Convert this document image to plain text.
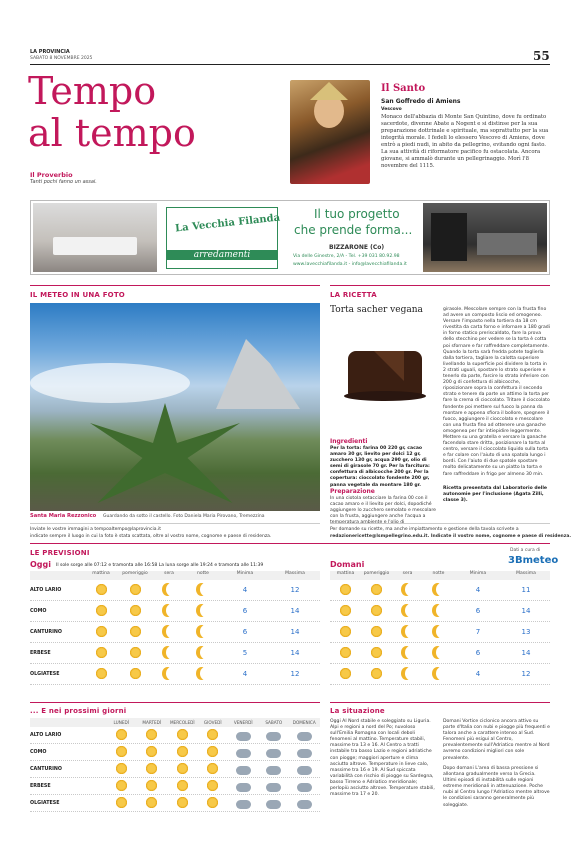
LA PROVINCIA
SABATO 8 NOVEMBRE 2025	55
Tempo
al tempo
Il Proverbio
Tanti pochi fanno un assai.
Il Santo
San Goffredo di Amiens
Vescovo
Monaco dell'abbazia di Monte San Quintino, dove fu ordinato sacerdote, divenne Abate a Nogent e si distinse per la sua preparazione dottrinale e spirituale, ma soprattutto per la sua integrità morale. I fedeli lo elessero Vescovo di Amiens, dove entrò a piedi nudi, in abito da pellegrino, evitando ogni fasto. La sua attività di riformatore pacifico fu ostacolata. Ancora giovane, si ammalò durante un pellegrinaggio. Morì l'8 novembre del 1115.
La Vecchia Filanda
arredamenti
Il tuo progetto
che prende forma...
BIZZARONE (Co)
Via delle Ginestre, 2/A - Tel. +39 031 80.92.98
www.lavecchiafilanda.it - info@lavecchiafilanda.it
IL METEO IN UNA FOTO
Santa Maria Rezzonico Guardando da sotto il castello. Foto Daniela Maria Pirovano, Tremezzina
Inviate le vostre immagini a tempoaltempo@laprovincia.it
indicate sempre il luogo in cui la foto è stata scattata, oltre al vostro nome, cognome e paese di residenza.
LA RICETTA
Torta sacher vegana
Ingredienti
Per la torta: farina 00 220 gr, cacao amaro 30 gr, lievito per dolci 12 gr, zucchero 130 gr, acqua 290 gr, olio di semi di girasole 70 gr. Per la farcitura: confettura di albicocche 200 gr. Per la copertura: cioccolato fondente 200 gr, panna vegetale da montare 180 gr.
Preparazione
In una ciotola setacciare la farina 00 con il cacao amaro e il lievito per dolci, dopodiché aggiungere lo zucchero semolato e mescolare con la frusta, aggiungere anche l'acqua a temperatura ambiente e l'olio di
girasole. Mescolare sempre con la frusta fino ad avere un composto liscio ed omogeneo. Versare l'impasto nella tortiera da 18 cm rivestita da carta forno e infornare a 180 gradi in forno statico preriscaldato, fare la prova dello stecchino per vedere se la torta è cotta poi sfornare e far raffreddare completamente. Quando la torta sarà fredda potete toglierla dalla tortiera, tagliare la calotta superiore livellando la superficie poi dividere la torta in 2 strati uguali, spostare lo strato superiore e tenerlo da parte, farcire lo strato inferiore con 200 g di confettura di albicocche, riposizionare sopra la confettura il secondo strato e tenere da parte un attimo la torta per fare la crema di cioccolato. Tritare il cioccolato fondente poi mettere sul fuoco la panna da montare e appena sfiora il bollore, spegnere il fuoco, aggiungere il cioccolato e mescolare con una frusta fino ad ottenere una ganache omogenea per far intiepidire leggermente. Mettere su una gratella e versare la ganache facendola stare dritta, posizionare la torta al centro, versare il cioccolato liquido sulla torta e far colare con l'aiuto di una spatola lungo i bordi. Con l'aiuto di due spatole spostare molto delicatamente su un piatto la torta e fare raffreddare in frigo per almeno 30 min.
Ricetta presentata dal Laboratorio delle autonomie per l'inclusione (Agata Zilli, classe 3).
Per domande su ricette, ma anche impiattamento e gestione della tavola scrivete a
redazionericette@lsmpellegrino.edu.it. Indicate il vostro nome, cognome e paese di residenza.
LE PREVISIONI	Dati a cura di
3Bmeteo
Oggi Il sole sorge alle 07:12 e tramonta alle 16:58 La luna sorge alle 19:24 e tramonta alle 11:39	Domani
mattina	pomeriggio	sera	notte	Minima	Massima
ALTO LARIO	4	12
COMO	6	14
CANTURINO	6	14
ERBESE	5	14
OLGIATESE	4	12
mattina	pomeriggio	sera	notte	Minima	Massima
4	11
6	14
7	13
6	14
4	12
... E nei prossimi giorni
LUNEDÌ	MARTEDÌ	MERCOLEDÌ	GIOVEDÌ	VENERDÌ	SABATO	DOMENICA
ALTO LARIO
COMO
CANTURINO
ERBESE
OLGIATESE
La situazione
Oggi Al Nord stabile e soleggiato su Liguria. Alpi e regioni a nord del Po; nuvoloso sull'Emilia Romagna con locali deboli fenomeni al mattino. Temperature stabili, massime tra 13 e 16. Al Centro a tratti instabile tra basso Lazio e regioni adriatiche con piogge; maggiori aperture e clima asciutto altrove. Temperature in lieve calo, massime tra 16 e 19. Al Sud spiccata variabilità con rischio di piogge su Sardegna, basso Tirreno e Adriatico meridionale; perlopiù asciutto altrove. Temperature stabili, massime tra 17 e 20.
Domani Vortice ciclonico ancora attivo su parte d'Italia con nubi e piogge più frequenti e talora anche a carattere intenso al Sud. Fenomeni più esigui al Centro, prevalentemente sull'Adriatico mentre al Nord avremo condizioni migliori con sole prevalente.
Dopo domani L'area di bassa pressione si allontana gradualmente verso la Grecia. Ultimi episodi di instabilità sulle regioni estreme meridionali in attenuazione. Poche nubi al Centro lungo l'Adriatico mentre altrove le condizioni saranno generalmente più soleggiate.
